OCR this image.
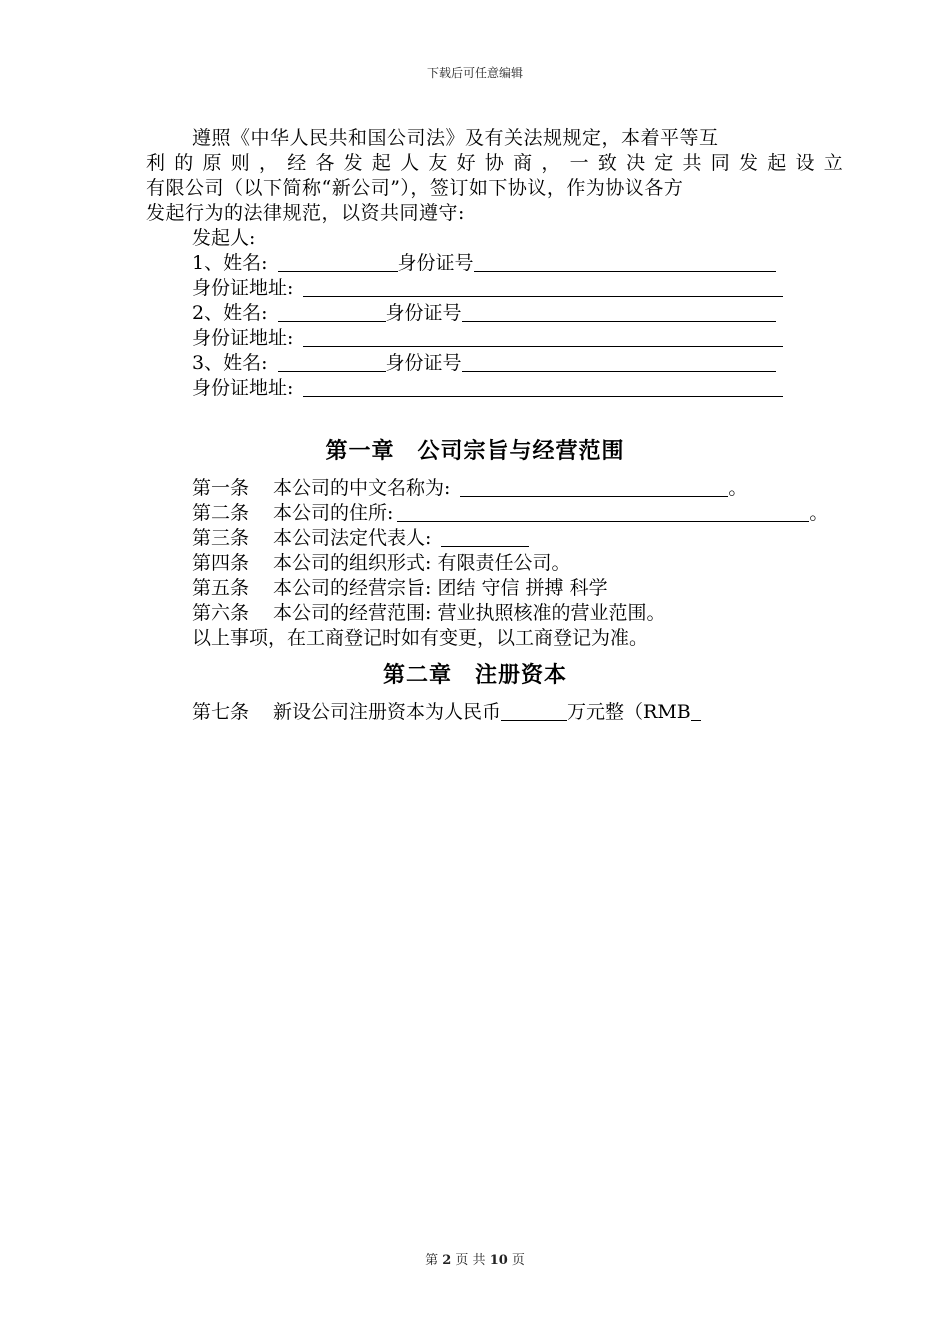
下载后可任意编辑
遵照《中华人民共和国公司法》及有关法规规定，本着平等互
利 的 原 则 ， 经 各 发 起 人 友 好 协 商 ， 一 致 决 定 共 同 发 起 设 立
有限公司（以下简称“新公司”），签订如下协议，作为协议各方
发起行为的法律规范，以资共同遵守:
发起人:
1、姓名:	身份证号
身份证地址:
2、姓名:	身份证号
身份证地址:
3、姓名:	身份证号
身份证地址:
第一章　公司宗旨与经营范围
第一条 本公司的中文名称为:	。
第二条 本公司的住所:	。
第三条 本公司法定代表人:
第四条 本公司的组织形式: 有限责任公司。
第五条 本公司的经营宗旨: 团结 守信 拼搏 科学
第六条 本公司的经营范围: 营业执照核准的营业范围。
以上事项，在工商登记时如有变更，以工商登记为准。
第二章　注册资本
第七条 新设公司注册资本为人民币	万元整（RMB
第 2 页 共 10 页
